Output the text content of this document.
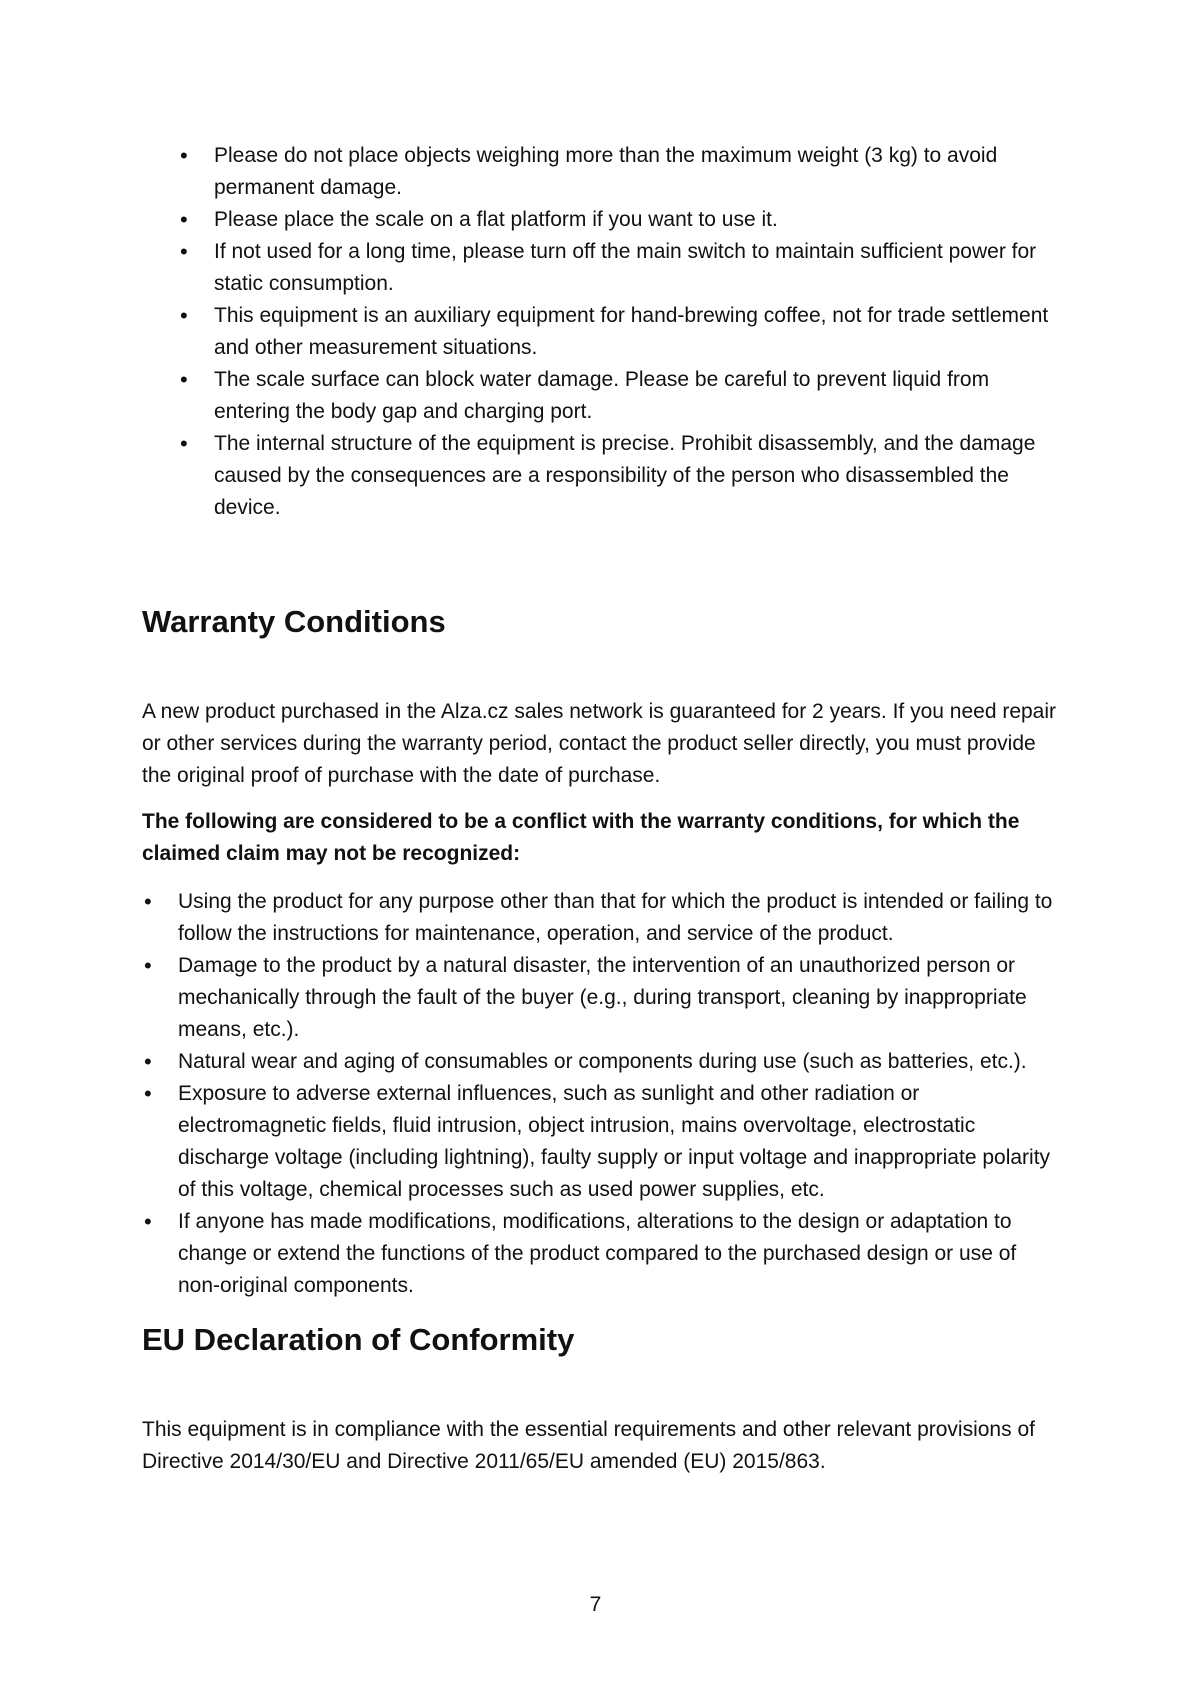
• Please do not place objects weighing more than the maximum weight (3 kg) to avoid permanent damage.
• Please place the scale on a flat platform if you want to use it.
• If not used for a long time, please turn off the main switch to maintain sufficient power for static consumption.
• This equipment is an auxiliary equipment for hand-brewing coffee, not for trade settlement and other measurement situations.
• The scale surface can block water damage. Please be careful to prevent liquid from entering the body gap and charging port.
• The internal structure of the equipment is precise. Prohibit disassembly, and the damage caused by the consequences are a responsibility of the person who disassembled the device.
Warranty Conditions

A new product purchased in the Alza.cz sales network is guaranteed for 2 years. If you need repair or other services during the warranty period, contact the product seller directly, you must provide the original proof of purchase with the date of purchase.

The following are considered to be a conflict with the warranty conditions, for which the claimed claim may not be recognized:

• Using the product for any purpose other than that for which the product is intended or failing to follow the instructions for maintenance, operation, and service of the product.
• Damage to the product by a natural disaster, the intervention of an unauthorized person or mechanically through the fault of the buyer (e.g., during transport, cleaning by inappropriate means, etc.).
• Natural wear and aging of consumables or components during use (such as batteries, etc.).
• Exposure to adverse external influences, such as sunlight and other radiation or electromagnetic fields, fluid intrusion, object intrusion, mains overvoltage, electrostatic discharge voltage (including lightning), faulty supply or input voltage and inappropriate polarity of this voltage, chemical processes such as used power supplies, etc.
• If anyone has made modifications, modifications, alterations to the design or adaptation to change or extend the functions of the product compared to the purchased design or use of non-original components.
EU Declaration of Conformity

This equipment is in compliance with the essential requirements and other relevant provisions of Directive 2014/30/EU and Directive 2011/65/EU amended (EU) 2015/863.

7
